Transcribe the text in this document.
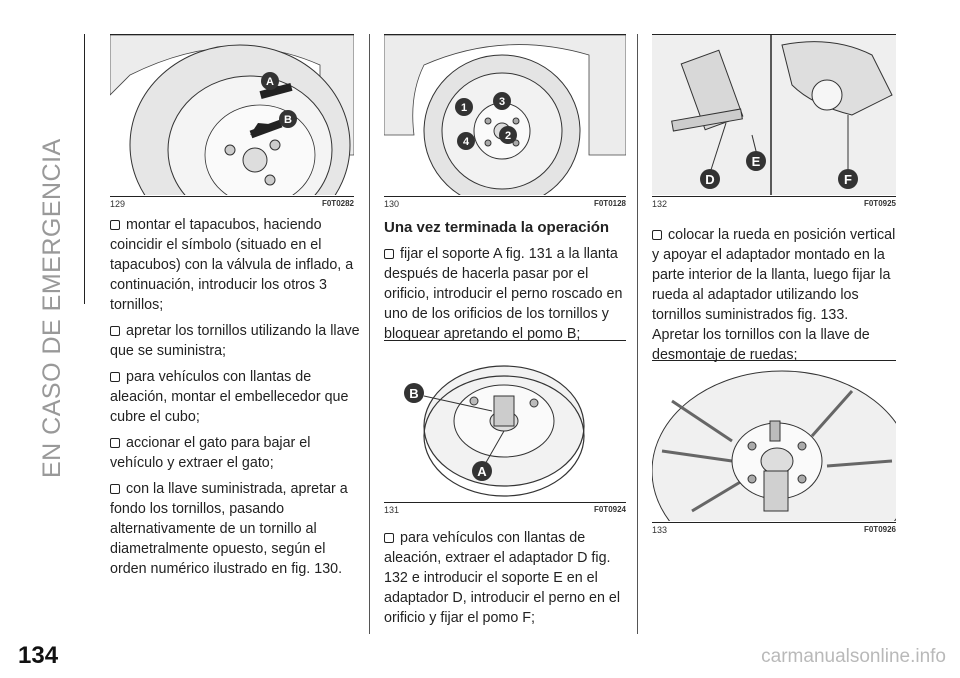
EN CASO DE EMERGENCIA
A
B
129	F0T0282
1
2
3
4
130	F0T0128
B
A
131	F0T0924
D
E
F
132	F0T0925
133	F0T0926

montar el tapacubos, haciendo coincidir el símbolo (situado en el tapacubos) con la válvula de inflado, a continuación, introducir los otros 3 tornillos;

apretar los tornillos utilizando la llave que se suministra;

para vehículos con llantas de aleación, montar el embellecedor que cubre el cubo;

accionar el gato para bajar el vehículo y extraer el gato;

con la llave suministrada, apretar a fondo los tornillos, pasando alternativamente de un tornillo al diametralmente opuesto, según el orden numérico ilustrado en fig. 130.

Una vez terminada la operación

fijar el soporte A fig. 131 a la llanta después de hacerla pasar por el orificio, introducir el perno roscado en uno de los orificios de los tornillos y bloquear apretando el pomo B;

para vehículos con llantas de aleación, extraer el adaptador D fig. 132 e introducir el soporte E en el adaptador D, introducir el perno en el orificio y fijar el pomo F;

colocar la rueda en posición vertical y apoyar el adaptador montado en la parte interior de la llanta, luego fijar la rueda al adaptador utilizando los tornillos suministrados fig. 133. Apretar los tornillos con la llave de desmontaje de ruedas;

134	carmanualsonline.info
